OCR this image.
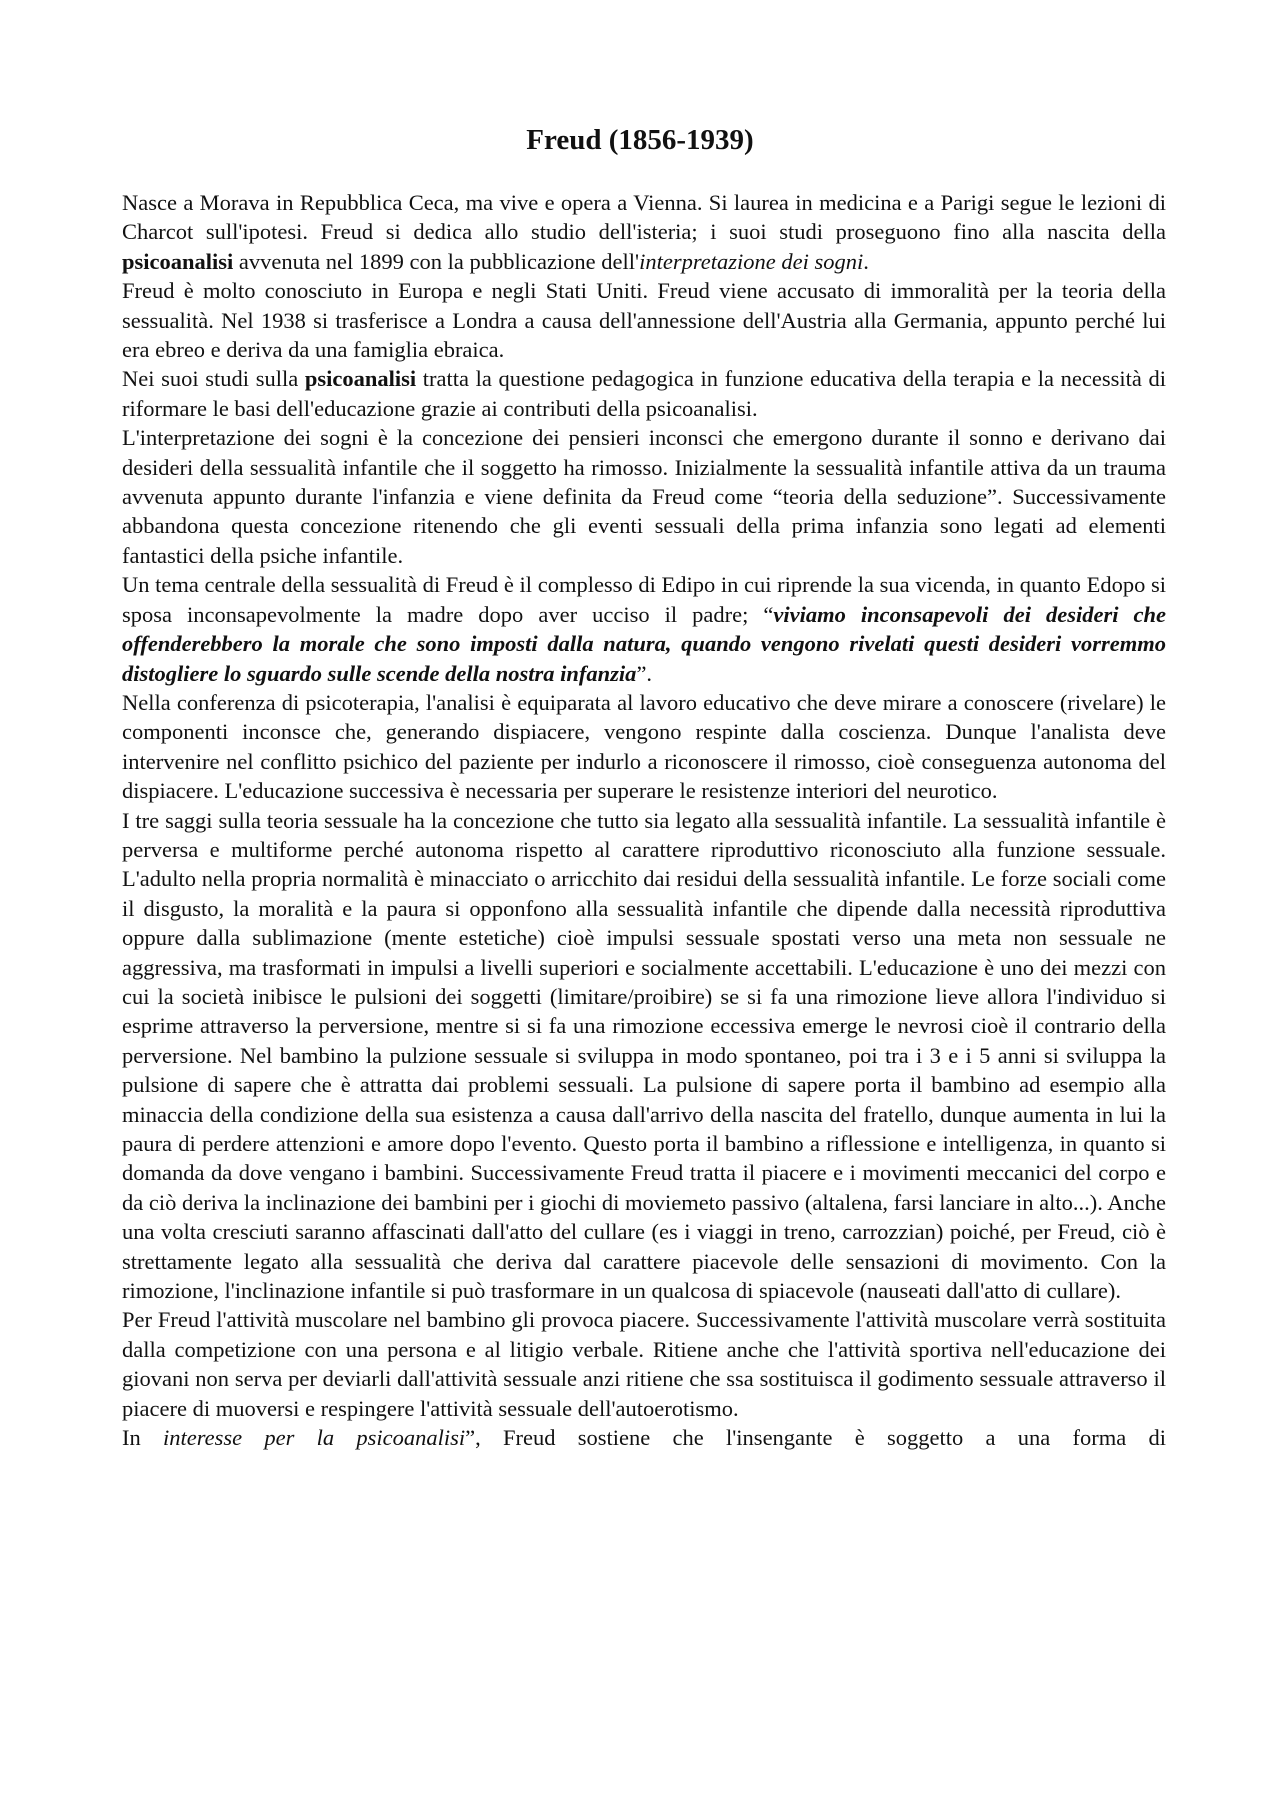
Freud (1856-1939)

Nasce a Morava in Repubblica Ceca, ma vive e opera a Vienna. Si laurea in medicina e a Parigi segue le lezioni di Charcot sull'ipotesi. Freud si dedica allo studio dell'isteria; i suoi studi proseguono fino alla nascita della psicoanalisi avvenuta nel 1899 con la pubblicazione dell'interpretazione dei sogni.

Freud è molto conosciuto in Europa e negli Stati Uniti. Freud viene accusato di immoralità per la teoria della sessualità. Nel 1938 si trasferisce a Londra a causa dell'annessione dell'Austria alla Germania, appunto perché lui era ebreo e deriva da una famiglia ebraica.

Nei suoi studi sulla psicoanalisi tratta la questione pedagogica in funzione educativa della terapia e la necessità di riformare le basi dell'educazione grazie ai contributi della psicoanalisi.

L'interpretazione dei sogni è la concezione dei pensieri inconsci che emergono durante il sonno e derivano dai desideri della sessualità infantile che il soggetto ha rimosso. Inizialmente la sessualità infantile attiva da un trauma avvenuta appunto durante l'infanzia e viene definita da Freud come “teoria della seduzione”. Successivamente abbandona questa concezione ritenendo che gli eventi sessuali della prima infanzia sono legati ad elementi fantastici della psiche infantile.

Un tema centrale della sessualità di Freud è il complesso di Edipo in cui riprende la sua vicenda, in quanto Edopo si sposa inconsapevolmente la madre dopo aver ucciso il padre; “viviamo inconsapevoli dei desideri che offenderebbero la morale che sono imposti dalla natura, quando vengono rivelati questi desideri vorremmo distogliere lo sguardo sulle scende della nostra infanzia”.

Nella conferenza di psicoterapia, l'analisi è equiparata al lavoro educativo che deve mirare a conoscere (rivelare) le componenti inconsce che, generando dispiacere, vengono respinte dalla coscienza. Dunque l'analista deve intervenire nel conflitto psichico del paziente per indurlo a riconoscere il rimosso, cioè conseguenza autonoma del dispiacere. L'educazione successiva è necessaria per superare le resistenze interiori del neurotico.

I tre saggi sulla teoria sessuale ha la concezione che tutto sia legato alla sessualità infantile. La sessualità infantile è perversa e multiforme perché autonoma rispetto al carattere riproduttivo riconosciuto alla funzione sessuale. L'adulto nella propria normalità è minacciato o arricchito dai residui della sessualità infantile. Le forze sociali come il disgusto, la moralità e la paura si opponfono alla sessualità infantile che dipende dalla necessità riproduttiva oppure dalla sublimazione (mente estetiche) cioè impulsi sessuale spostati verso una meta non sessuale ne aggressiva, ma trasformati in impulsi a livelli superiori e socialmente accettabili. L'educazione è uno dei mezzi con cui la società inibisce le pulsioni dei soggetti (limitare/proibire) se si fa una rimozione lieve allora l'individuo si esprime attraverso la perversione, mentre si si fa una rimozione eccessiva emerge le nevrosi cioè il contrario della perversione. Nel bambino la pulzione sessuale si sviluppa in modo spontaneo, poi tra i 3 e i 5 anni si sviluppa la pulsione di sapere che è attratta dai problemi sessuali. La pulsione di sapere porta il bambino ad esempio alla minaccia della condizione della sua esistenza a causa dall'arrivo della nascita del fratello, dunque aumenta in lui la paura di perdere attenzioni e amore dopo l'evento. Questo porta il bambino a riflessione e intelligenza, in quanto si domanda da dove vengano i bambini. Successivamente Freud tratta il piacere e i movimenti meccanici del corpo e da ciò deriva la inclinazione dei bambini per i giochi di moviemeto passivo (altalena, farsi lanciare in alto...). Anche una volta cresciuti saranno affascinati dall'atto del cullare (es i viaggi in treno, carrozzian) poiché, per Freud, ciò è strettamente legato alla sessualità che deriva dal carattere piacevole delle sensazioni di movimento. Con la rimozione, l'inclinazione infantile si può trasformare in un qualcosa di spiacevole (nauseati dall'atto di cullare).

Per Freud l'attività muscolare nel bambino gli provoca piacere. Successivamente l'attività muscolare verrà sostituita dalla competizione con una persona e al litigio verbale. Ritiene anche che l'attività sportiva nell'educazione dei giovani non serva per deviarli dall'attività sessuale anzi ritiene che ssa sostituisca il godimento sessuale attraverso il piacere di muoversi e respingere l'attività sessuale dell'autoerotismo.

In interesse per la psicoanalisi”, Freud sostiene che l'insengante è soggetto a una forma di
